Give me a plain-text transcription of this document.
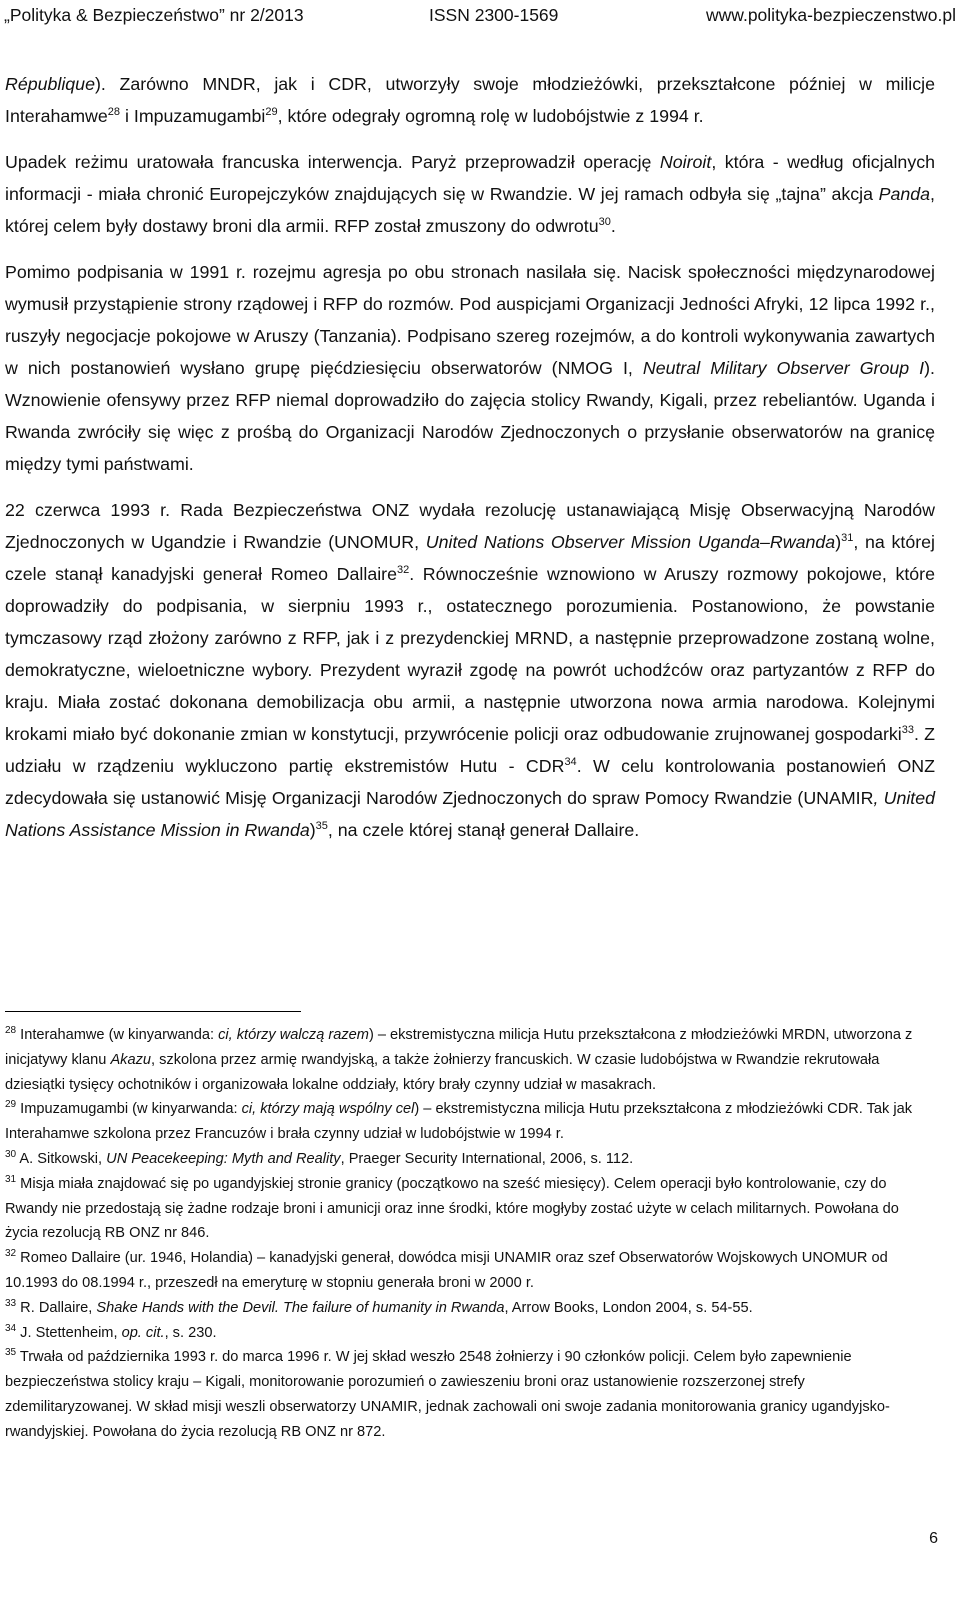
„Polityka & Bezpieczeństwo” nr 2/2013	ISSN 2300-1569	www.polityka-bezpieczenstwo.pl

République). Zarówno MNDR, jak i CDR, utworzyły swoje młodzieżówki, przekształcone później w milicje Interahamwe$^{28}$ i Impuzamugambi$^{29}$, które odegrały ogromną rolę w ludobójstwie z 1994 r.

Upadek reżimu uratowała francuska interwencja. Paryż przeprowadził operację Noiroit, która - według oficjalnych informacji - miała chronić Europejczyków znajdujących się w Rwandzie. W jej ramach odbyła się „tajna” akcja Panda, której celem były dostawy broni dla armii. RFP został zmuszony do odwrotu$^{30}$.

Pomimo podpisania w 1991 r. rozejmu agresja po obu stronach nasilała się. Nacisk społeczności międzynarodowej wymusił przystąpienie strony rządowej i RFP do rozmów. Pod auspicjami Organizacji Jedności Afryki, 12 lipca 1992 r., ruszyły negocjacje pokojowe w Aruszy (Tanzania). Podpisano szereg rozejmów, a do kontroli wykonywania zawartych w nich postanowień wysłano grupę pięćdziesięciu obserwatorów (NMOG I, Neutral Military Observer Group I). Wznowienie ofensywy przez RFP niemal doprowadziło do zajęcia stolicy Rwandy, Kigali, przez rebeliantów. Uganda i Rwanda zwróciły się więc z prośbą do Organizacji Narodów Zjednoczonych o przysłanie obserwatorów na granicę między tymi państwami.

22 czerwca 1993 r. Rada Bezpieczeństwa ONZ wydała rezolucję ustanawiającą Misję Obserwacyjną Narodów Zjednoczonych w Ugandzie i Rwandzie (UNOMUR, United Nations Observer Mission Uganda–Rwanda)$^{31}$, na której czele stanął kanadyjski generał Romeo Dallaire$^{32}$. Równocześnie wznowiono w Aruszy rozmowy pokojowe, które doprowadziły do podpisania, w sierpniu 1993 r., ostatecznego porozumienia. Postanowiono, że powstanie tymczasowy rząd złożony zarówno z RFP, jak i z prezydenckiej MRND, a następnie przeprowadzone zostaną wolne, demokratyczne, wieloetniczne wybory. Prezydent wyraził zgodę na powrót uchodźców oraz partyzantów z RFP do kraju. Miała zostać dokonana demobilizacja obu armii, a następnie utworzona nowa armia narodowa. Kolejnymi krokami miało być dokonanie zmian w konstytucji, przywrócenie policji oraz odbudowanie zrujnowanej gospodarki$^{33}$. Z udziału w rządzeniu wykluczono partię ekstremistów Hutu - CDR$^{34}$. W celu kontrolowania postanowień ONZ zdecydowała się ustanowić Misję Organizacji Narodów Zjednoczonych do spraw Pomocy Rwandzie (UNAMIR, United Nations Assistance Mission in Rwanda)$^{35}$, na czele której stanął generał Dallaire.

$^{28}$ Interahamwe (w kinyarwanda: ci, którzy walczą razem) – ekstremistyczna milicja Hutu przekształcona z młodzieżówki MRDN, utworzona z inicjatywy klanu Akazu, szkolona przez armię rwandyjską, a także żołnierzy francuskich. W czasie ludobójstwa w Rwandzie rekrutowała dziesiątki tysięcy ochotników i organizowała lokalne oddziały, który brały czynny udział w masakrach.

$^{29}$ Impuzamugambi (w kinyarwanda: ci, którzy mają wspólny cel) – ekstremistyczna milicja Hutu przekształcona z młodzieżówki CDR. Tak jak Interahamwe szkolona przez Francuzów i brała czynny udział w ludobójstwie w 1994 r.

$^{30}$ A. Sitkowski, UN Peacekeeping: Myth and Reality, Praeger Security International, 2006, s. 112.

$^{31}$ Misja miała znajdować się po ugandyjskiej stronie granicy (początkowo na sześć miesięcy). Celem operacji było kontrolowanie, czy do Rwandy nie przedostają się żadne rodzaje broni i amunicji oraz inne środki, które mogłyby zostać użyte w celach militarnych. Powołana do życia rezolucją RB ONZ nr 846.

$^{32}$ Romeo Dallaire (ur. 1946, Holandia) – kanadyjski generał, dowódca misji UNAMIR oraz szef Obserwatorów Wojskowych UNOMUR od 10.1993 do 08.1994 r., przeszedł na emeryturę w stopniu generała broni w 2000 r.

$^{33}$ R. Dallaire, Shake Hands with the Devil. The failure of humanity in Rwanda, Arrow Books, London 2004, s. 54-55.

$^{34}$ J. Stettenheim, op. cit., s. 230.

$^{35}$ Trwała od października 1993 r. do marca 1996 r. W jej skład weszło 2548 żołnierzy i 90 członków policji. Celem było zapewnienie bezpieczeństwa stolicy kraju – Kigali, monitorowanie porozumień o zawieszeniu broni oraz ustanowienie rozszerzonej strefy zdemilitaryzowanej. W skład misji weszli obserwatorzy UNAMIR, jednak zachowali oni swoje zadania monitorowania granicy ugandyjsko-rwandyjskiej. Powołana do życia rezolucją RB ONZ nr 872.

6
